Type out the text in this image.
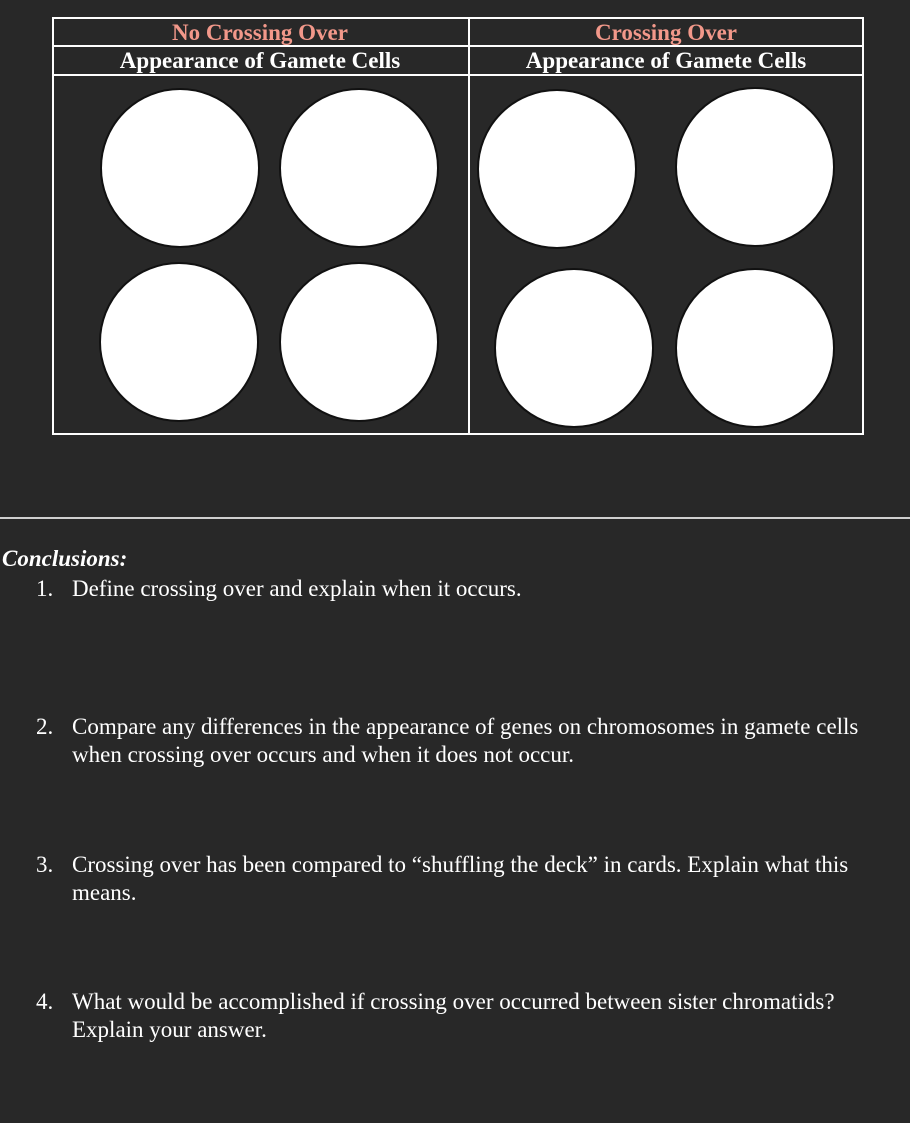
No Crossing Over
Appearance of Gamete Cells
Crossing Over
Appearance of Gamete Cells
Conclusions:
1. Define crossing over and explain when it occurs.
2. Compare any differences in the appearance of genes on chromosomes in gamete cells when crossing over occurs and when it does not occur.
3. Crossing over has been compared to “shuffling the deck” in cards. Explain what this means.
4. What would be accomplished if crossing over occurred between sister chromatids? Explain your answer.
